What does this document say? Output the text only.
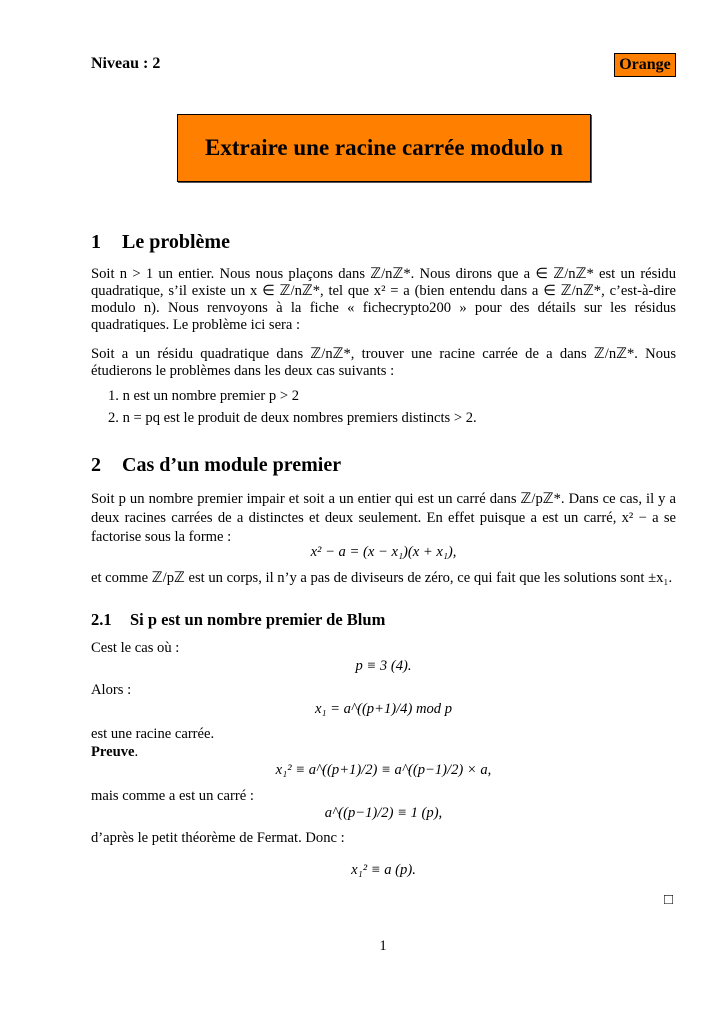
Niveau : 2	Orange
Extraire une racine carrée modulo n
1 Le problème
Soit n > 1 un entier. Nous nous plaçons dans ℤ/nℤ*. Nous dirons que a ∈ ℤ/nℤ* est un résidu quadratique, s’il existe un x ∈ ℤ/nℤ*, tel que x² = a (bien entendu dans a ∈ ℤ/nℤ*, c’est-à-dire modulo n). Nous renvoyons à la fiche « fichecrypto200 » pour des détails sur les résidus quadratiques. Le problème ici sera :
Soit a un résidu quadratique dans ℤ/nℤ*, trouver une racine carrée de a dans ℤ/nℤ*. Nous étudierons le problèmes dans les deux cas suivants :
1. n est un nombre premier p > 2
2. n = pq est le produit de deux nombres premiers distincts > 2.
2 Cas d’un module premier
Soit p un nombre premier impair et soit a un entier qui est un carré dans ℤ/pℤ*. Dans ce cas, il y a deux racines carrées de a distinctes et deux seulement. En effet puisque a est un carré, x² − a se factorise sous la forme :
x² − a = (x − x₁)(x + x₁),
et comme ℤ/pℤ est un corps, il n’y a pas de diviseurs de zéro, ce qui fait que les solutions sont ±x₁.
2.1 Si p est un nombre premier de Blum
Cest le cas où :
p ≡ 3 (4).
Alors :
x₁ = a^((p+1)/4) mod p
est une racine carrée.
Preuve.
x₁² ≡ a^((p+1)/2) ≡ a^((p−1)/2) × a,
mais comme a est un carré :
a^((p−1)/2) ≡ 1 (p),
d’après le petit théorème de Fermat. Donc :
x₁² ≡ a (p).
□
1
